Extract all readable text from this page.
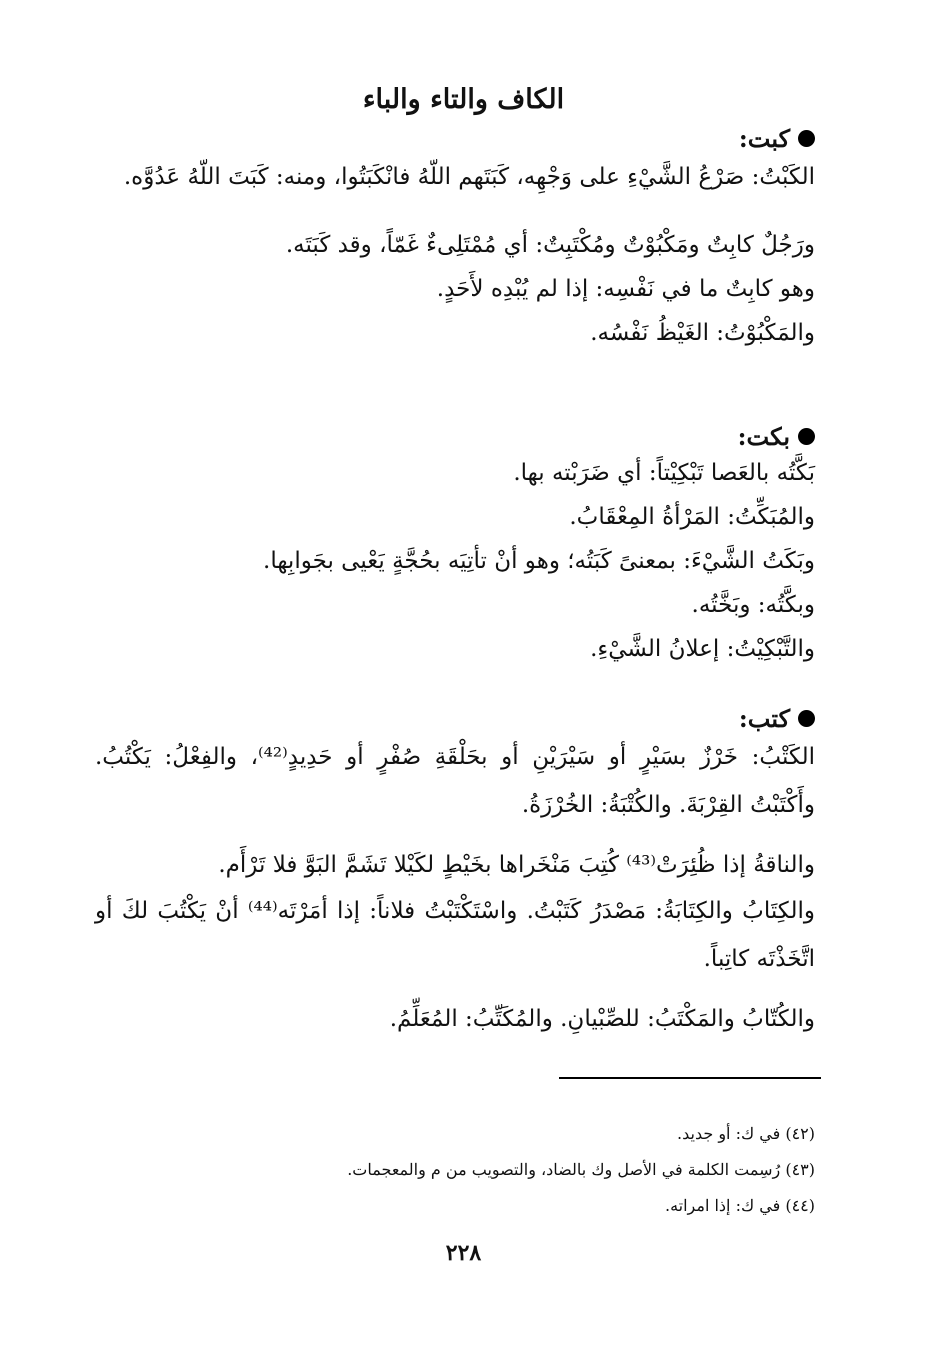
الكاف والتاء والباء
كبت:
الكَبْتُ: صَرْعُ الشَّيْءِ على وَجْهِه، كَبَتَهم اللّهُ فانْكَبَتُوا، ومنه: كَبَتَ اللّهُ عَدُوَّه.
ورَجُلٌ كابِتٌ ومَكْبُوْتٌ ومُكْتَبِتٌ: أي مُمْتَلِىءٌ غَمّاً، وقد كَبَتَه.
وهو كابِتٌ ما في نَفْسِه: إذا لم يُبْدِه لأَحَدٍ.
والمَكْبُوْتُ: الغَيْظُ نَفْسُه.
بكت:
بَكَّتُه بالعَصا تَبْكِيْتاً: أي ضَرَبْته بها.
والمُبَكِّتُ: المَرْأةُ المِعْقَابُ.
وبَكَتُ الشَّيْءَ: بمعنىً كَبَتُه؛ وهو أنْ تأتِيَه بحُجَّةٍ يَعْيى بجَوابِها.
وبكَّتُه: وبَخَّتُه.
والتَّبْكِيْتُ: إعلانُ الشَّيْءِ.
كتب:
الكَتْبُ: خَرْزٌ بسَيْرٍ أو سَيْرَيْنِ أو بحَلْقَةِ صُفْرٍ أو حَدِيدٍ⁽⁴²⁾، والفِعْلُ: يَكْتُبُ. وأَكْتَبْتُ القِرْبَةَ. والكُتْبَةُ: الخُرْزَةُ.
والناقةُ إذا ظُئِرَتْ⁽⁴³⁾ كُتِبَ مَنْخَراها بخَيْطٍ لكَيْلا تَشَمَّ البَوَّ فلا تَرْأَم.
والكِتَابُ والكِتَابَةُ: مَصْدَرُ كَتَبْتُ. واسْتَكْتَبْتُ فلاناً: إذا أمَرْتَه⁽⁴⁴⁾ أنْ يَكْتُبَ لكَ أو اتَّخَذْتَه كاتِباً.
والكُتّابُ والمَكْتَبُ: للصِّبْيانِ. والمُكَتِّبُ: المُعَلِّمُ.
(٤٢) في ك: أو جديد.
(٤٣) رُسِمت الكلمة في الأصل وك بالضاد، والتصويب من م والمعجمات.
(٤٤) في ك: إذا امراته.
٢٢٨
